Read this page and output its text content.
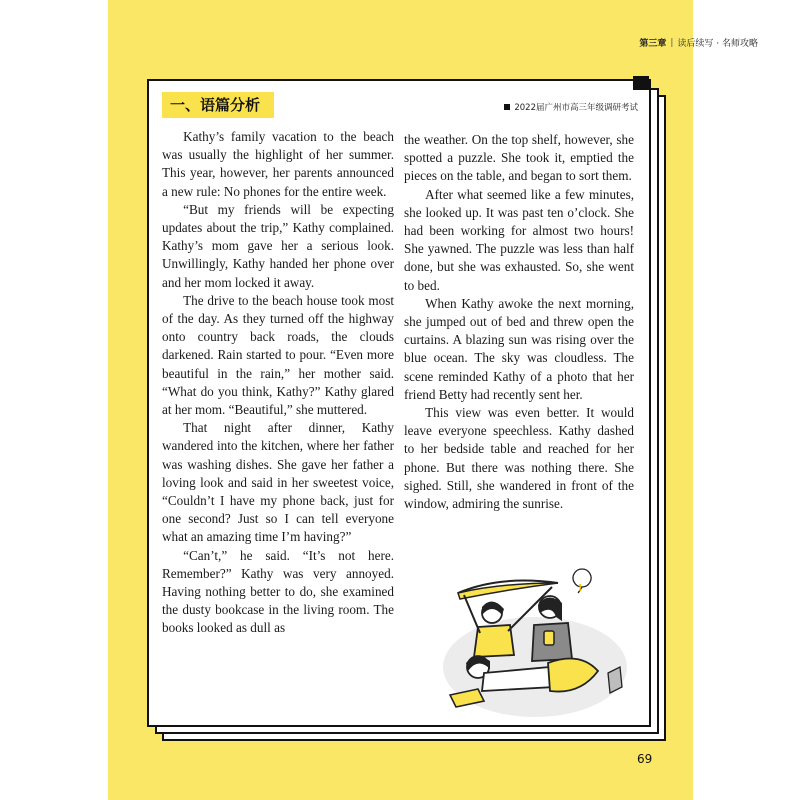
第三章 | 读后续写 · 名师攻略
一、语篇分析	2022届广州市高三年级调研考试

Kathy’s family vacation to the beach was usually the highlight of her summer. This year, however, her parents announced a new rule: No phones for the entire week.

“But my friends will be expecting updates about the trip,” Kathy complained. Kathy’s mom gave her a serious look. Unwillingly, Kathy handed her phone over and her mom locked it away.

The drive to the beach house took most of the day. As they turned off the highway onto country back roads, the clouds darkened. Rain started to pour. “Even more beautiful in the rain,” her mother said. “What do you think, Kathy?” Kathy glared at her mom. “Beautiful,” she muttered.

That night after dinner, Kathy wandered into the kitchen, where her father was washing dishes. She gave her father a loving look and said in her sweetest voice, “Couldn’t I have my phone back, just for one second? Just so I can tell everyone what an amazing time I’m having?”

“Can’t,” he said. “It’s not here. Remember?” Kathy was very annoyed. Having nothing better to do, she examined the dusty bookcase in the living room. The books looked as dull as

the weather. On the top shelf, however, she spotted a puzzle. She took it, emptied the pieces on the table, and began to sort them.

After what seemed like a few minutes, she looked up. It was past ten o’clock. She had been working for almost two hours! She yawned. The puzzle was less than half done, but she was exhausted. So, she went to bed.

When Kathy awoke the next morning, she jumped out of bed and threw open the curtains. A blazing sun was rising over the blue ocean. The sky was cloudless. The scene reminded Kathy of a photo that her friend Betty had recently sent her.

This view was even better. It would leave everyone speechless. Kathy dashed to her bedside table and reached for her phone. But there was nothing there. She sighed. Still, she wandered in front of the window, admiring the sunrise.

!
69
